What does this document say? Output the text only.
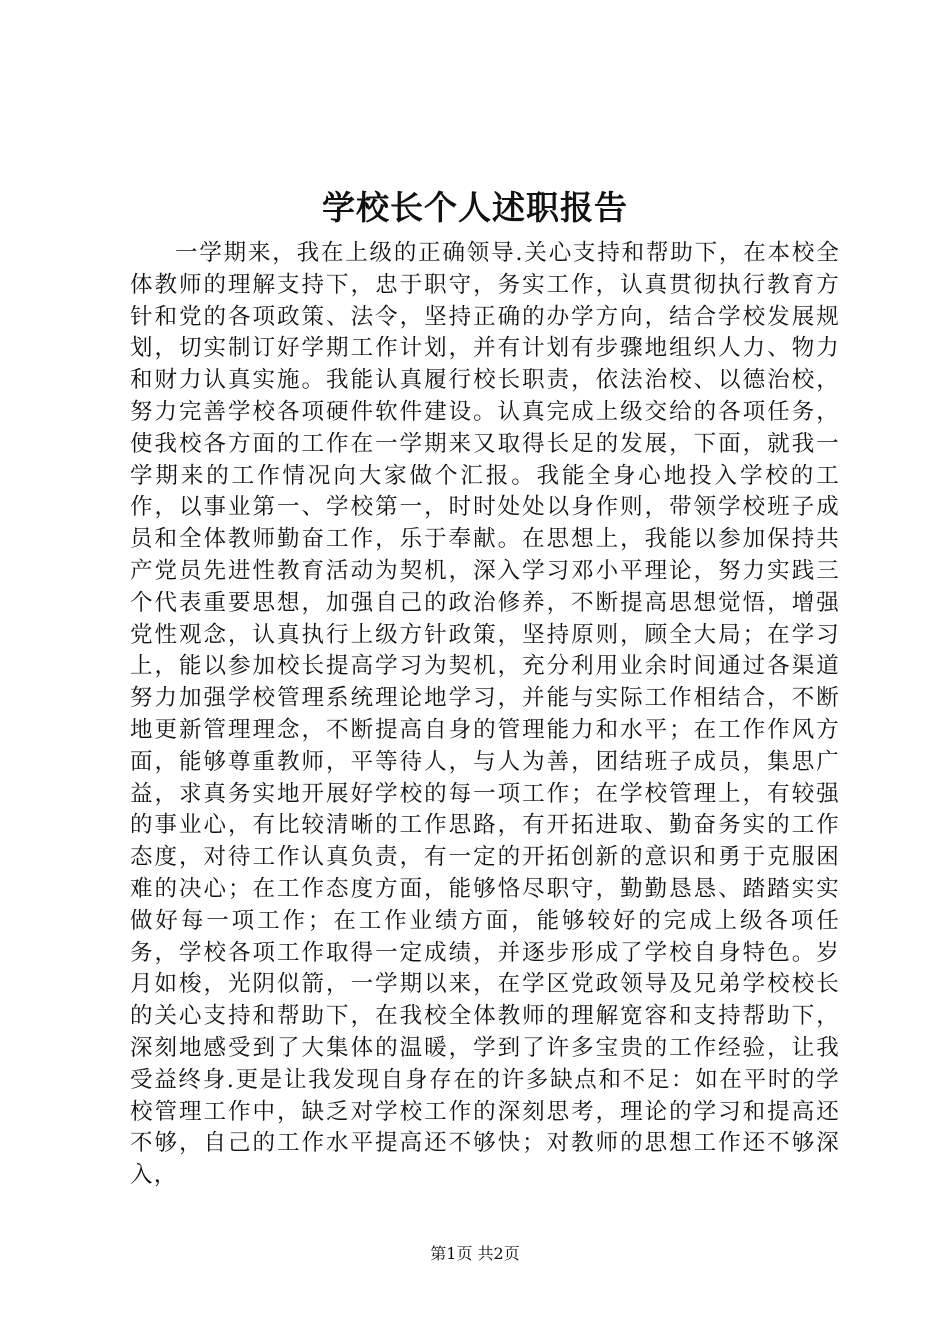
学校长个人述职报告

一学期来，我在上级的正确领导.关心支持和帮助下，在本校全体教师的理解支持下，忠于职守，务实工作，认真贯彻执行教育方针和党的各项政策、法令，坚持正确的办学方向，结合学校发展规划，切实制订好学期工作计划，并有计划有步骤地组织人力、物力和财力认真实施。我能认真履行校长职责，依法治校、以德治校，努力完善学校各项硬件软件建设。认真完成上级交给的各项任务，使我校各方面的工作在一学期来又取得长足的发展，下面，就我一学期来的工作情况向大家做个汇报。我能全身心地投入学校的工作，以事业第一、学校第一，时时处处以身作则，带领学校班子成员和全体教师勤奋工作，乐于奉献。在思想上，我能以参加保持共产党员先进性教育活动为契机，深入学习邓小平理论，努力实践三个代表重要思想，加强自己的政治修养，不断提高思想觉悟，增强党性观念，认真执行上级方针政策，坚持原则，顾全大局；在学习上，能以参加校长提高学习为契机，充分利用业余时间通过各渠道努力加强学校管理系统理论地学习，并能与实际工作相结合，不断地更新管理理念，不断提高自身的管理能力和水平；在工作作风方面，能够尊重教师，平等待人，与人为善，团结班子成员，集思广益，求真务实地开展好学校的每一项工作；在学校管理上，有较强的事业心，有比较清晰的工作思路，有开拓进取、勤奋务实的工作态度，对待工作认真负责，有一定的开拓创新的意识和勇于克服困难的决心；在工作态度方面，能够恪尽职守，勤勤恳恳、踏踏实实做好每一项工作；在工作业绩方面，能够较好的完成上级各项任务，学校各项工作取得一定成绩，并逐步形成了学校自身特色。岁月如梭，光阴似箭，一学期以来，在学区党政领导及兄弟学校校长的关心支持和帮助下，在我校全体教师的理解宽容和支持帮助下，深刻地感受到了大集体的温暖，学到了许多宝贵的工作经验，让我受益终身.更是让我发现自身存在的许多缺点和不足：如在平时的学校管理工作中，缺乏对学校工作的深刻思考，理论的学习和提高还不够，自己的工作水平提高还不够快；对教师的思想工作还不够深入，

第1页 共2页
